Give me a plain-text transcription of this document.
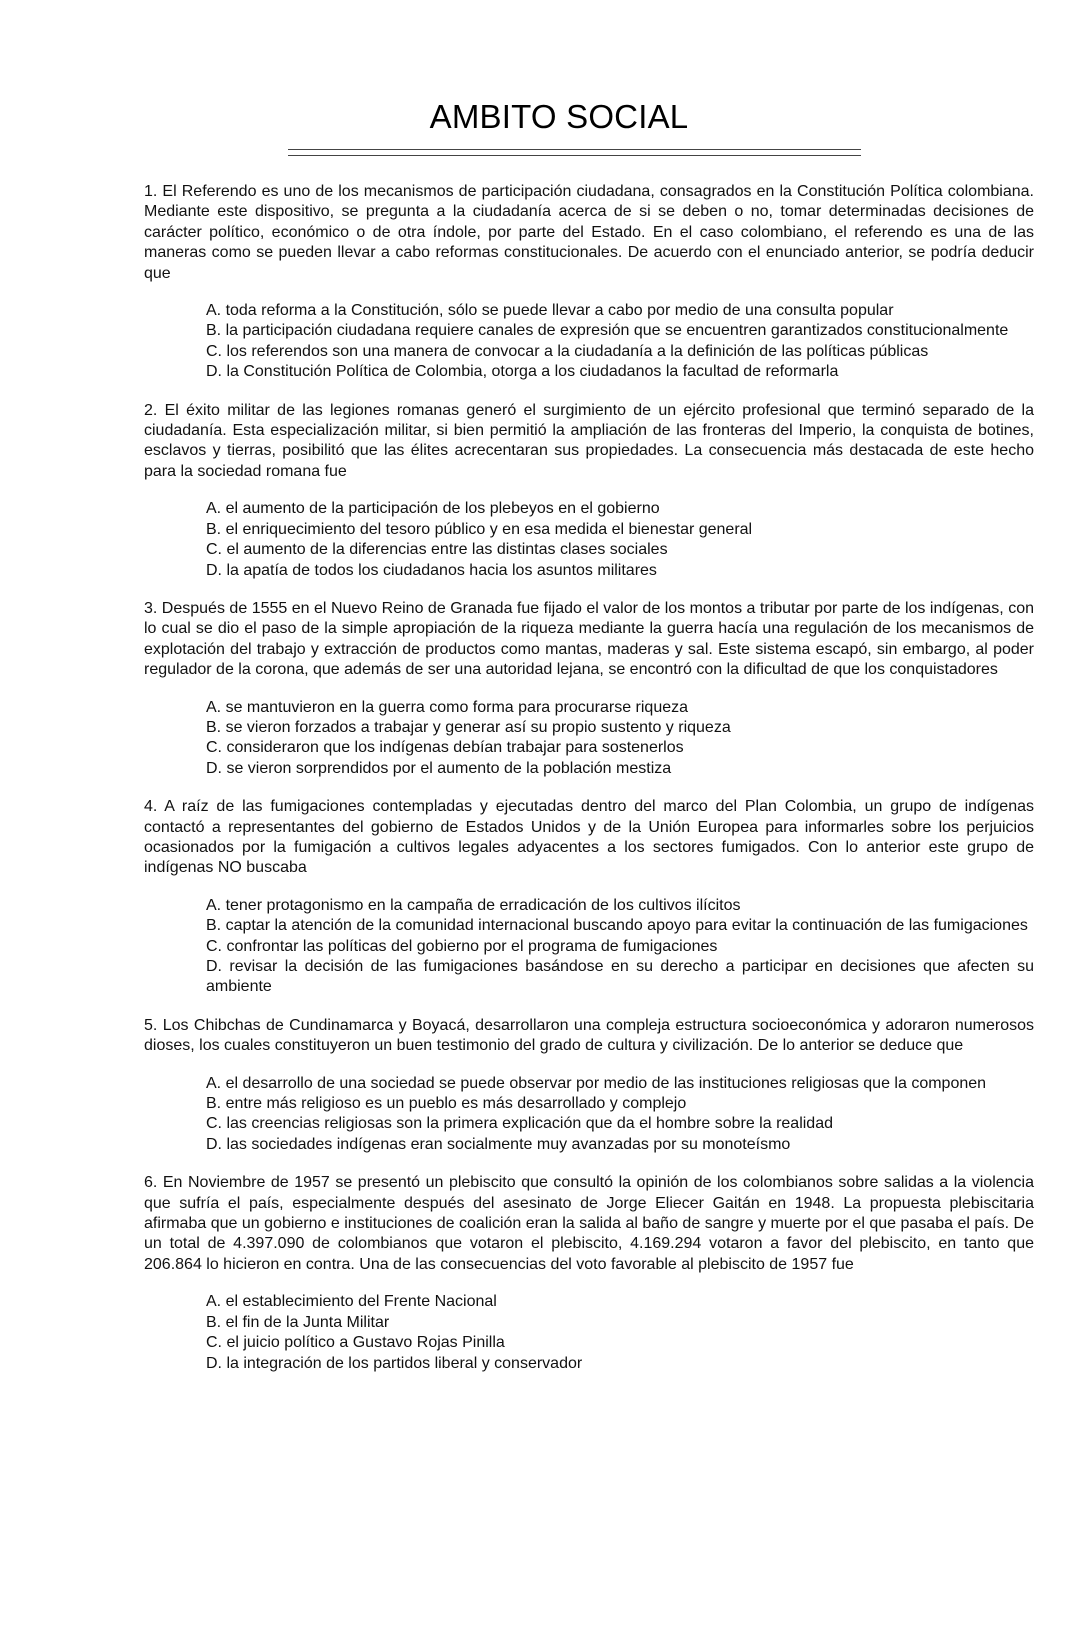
AMBITO SOCIAL

1. El Referendo es uno de los mecanismos de participación ciudadana, consagrados en la Constitución Política colombiana. Mediante este dispositivo, se pregunta a la ciudadanía acerca de si se deben o no, tomar determinadas decisiones de carácter político, económico o de otra índole, por parte del Estado. En el caso colombiano, el referendo es una de las maneras como se pueden llevar a cabo reformas constitucionales. De acuerdo con el enunciado anterior, se podría deducir que

A. toda reforma a la Constitución, sólo se puede llevar a cabo por medio de una consulta popular
B. la participación ciudadana requiere canales de expresión que se encuentren garantizados constitucionalmente
C. los referendos son una manera de convocar a la ciudadanía a la definición de las políticas públicas
D. la Constitución Política de Colombia, otorga a los ciudadanos la facultad de reformarla

2. El éxito militar de las legiones romanas generó el surgimiento de un ejército profesional que terminó separado de la ciudadanía. Esta especialización militar, si bien permitió la ampliación de las fronteras del Imperio, la conquista de botines, esclavos y tierras, posibilitó que las élites acrecentaran sus propiedades. La consecuencia más destacada de este hecho para la sociedad romana fue

A. el aumento de la participación de los plebeyos en el gobierno
B. el enriquecimiento del tesoro público y en esa medida el bienestar general
C. el aumento de la diferencias entre las distintas clases sociales
D. la apatía de todos los ciudadanos hacia los asuntos militares

3. Después de 1555 en el Nuevo Reino de Granada fue fijado el valor de los montos a tributar por parte de los indígenas, con lo cual se dio el paso de la simple apropiación de la riqueza mediante la guerra hacía una regulación de los mecanismos de explotación del trabajo y extracción de productos como mantas, maderas y sal. Este sistema escapó, sin embargo, al poder regulador de la corona, que además de ser una autoridad lejana, se encontró con la dificultad de que los conquistadores

A. se mantuvieron en la guerra como forma para procurarse riqueza
B. se vieron forzados a trabajar y generar así su propio sustento y riqueza
C. consideraron que los indígenas debían trabajar para sostenerlos
D. se vieron sorprendidos por el aumento de la población mestiza

4. A raíz de las fumigaciones contempladas y ejecutadas dentro del marco del Plan Colombia, un grupo de indígenas contactó a representantes del gobierno de Estados Unidos y de la Unión Europea para informarles sobre los perjuicios ocasionados por la fumigación a cultivos legales adyacentes a los sectores fumigados. Con lo anterior este grupo de indígenas NO buscaba

A. tener protagonismo en la campaña de erradicación de los cultivos ilícitos
B. captar la atención de la comunidad internacional buscando apoyo para evitar la continuación de las fumigaciones
C. confrontar las políticas del gobierno por el programa de fumigaciones
D. revisar la decisión de las fumigaciones basándose en su derecho a participar en decisiones que afecten su ambiente

5. Los Chibchas de Cundinamarca y Boyacá, desarrollaron una compleja estructura socioeconómica y adoraron numerosos dioses, los cuales constituyeron un buen testimonio del grado de cultura y civilización. De lo anterior se deduce que

A. el desarrollo de una sociedad se puede observar por medio de las instituciones religiosas que la componen
B. entre más religioso es un pueblo es más desarrollado y complejo
C. las creencias religiosas son la primera explicación que da el hombre sobre la realidad
D. las sociedades indígenas eran socialmente muy avanzadas por su monoteísmo

6. En Noviembre de 1957 se presentó un plebiscito que consultó la opinión de los colombianos sobre salidas a la violencia que sufría el país, especialmente después del asesinato de Jorge Eliecer Gaitán en 1948. La propuesta plebiscitaria afirmaba que un gobierno e instituciones de coalición eran la salida al baño de sangre y muerte por el que pasaba el país. De un total de 4.397.090 de colombianos que votaron el plebiscito, 4.169.294 votaron a favor del plebiscito, en tanto que 206.864 lo hicieron en contra. Una de las consecuencias del voto favorable al plebiscito de 1957 fue

A. el establecimiento del Frente Nacional
B. el fin de la Junta Militar
C. el juicio político a Gustavo Rojas Pinilla
D. la integración de los partidos liberal y conservador
